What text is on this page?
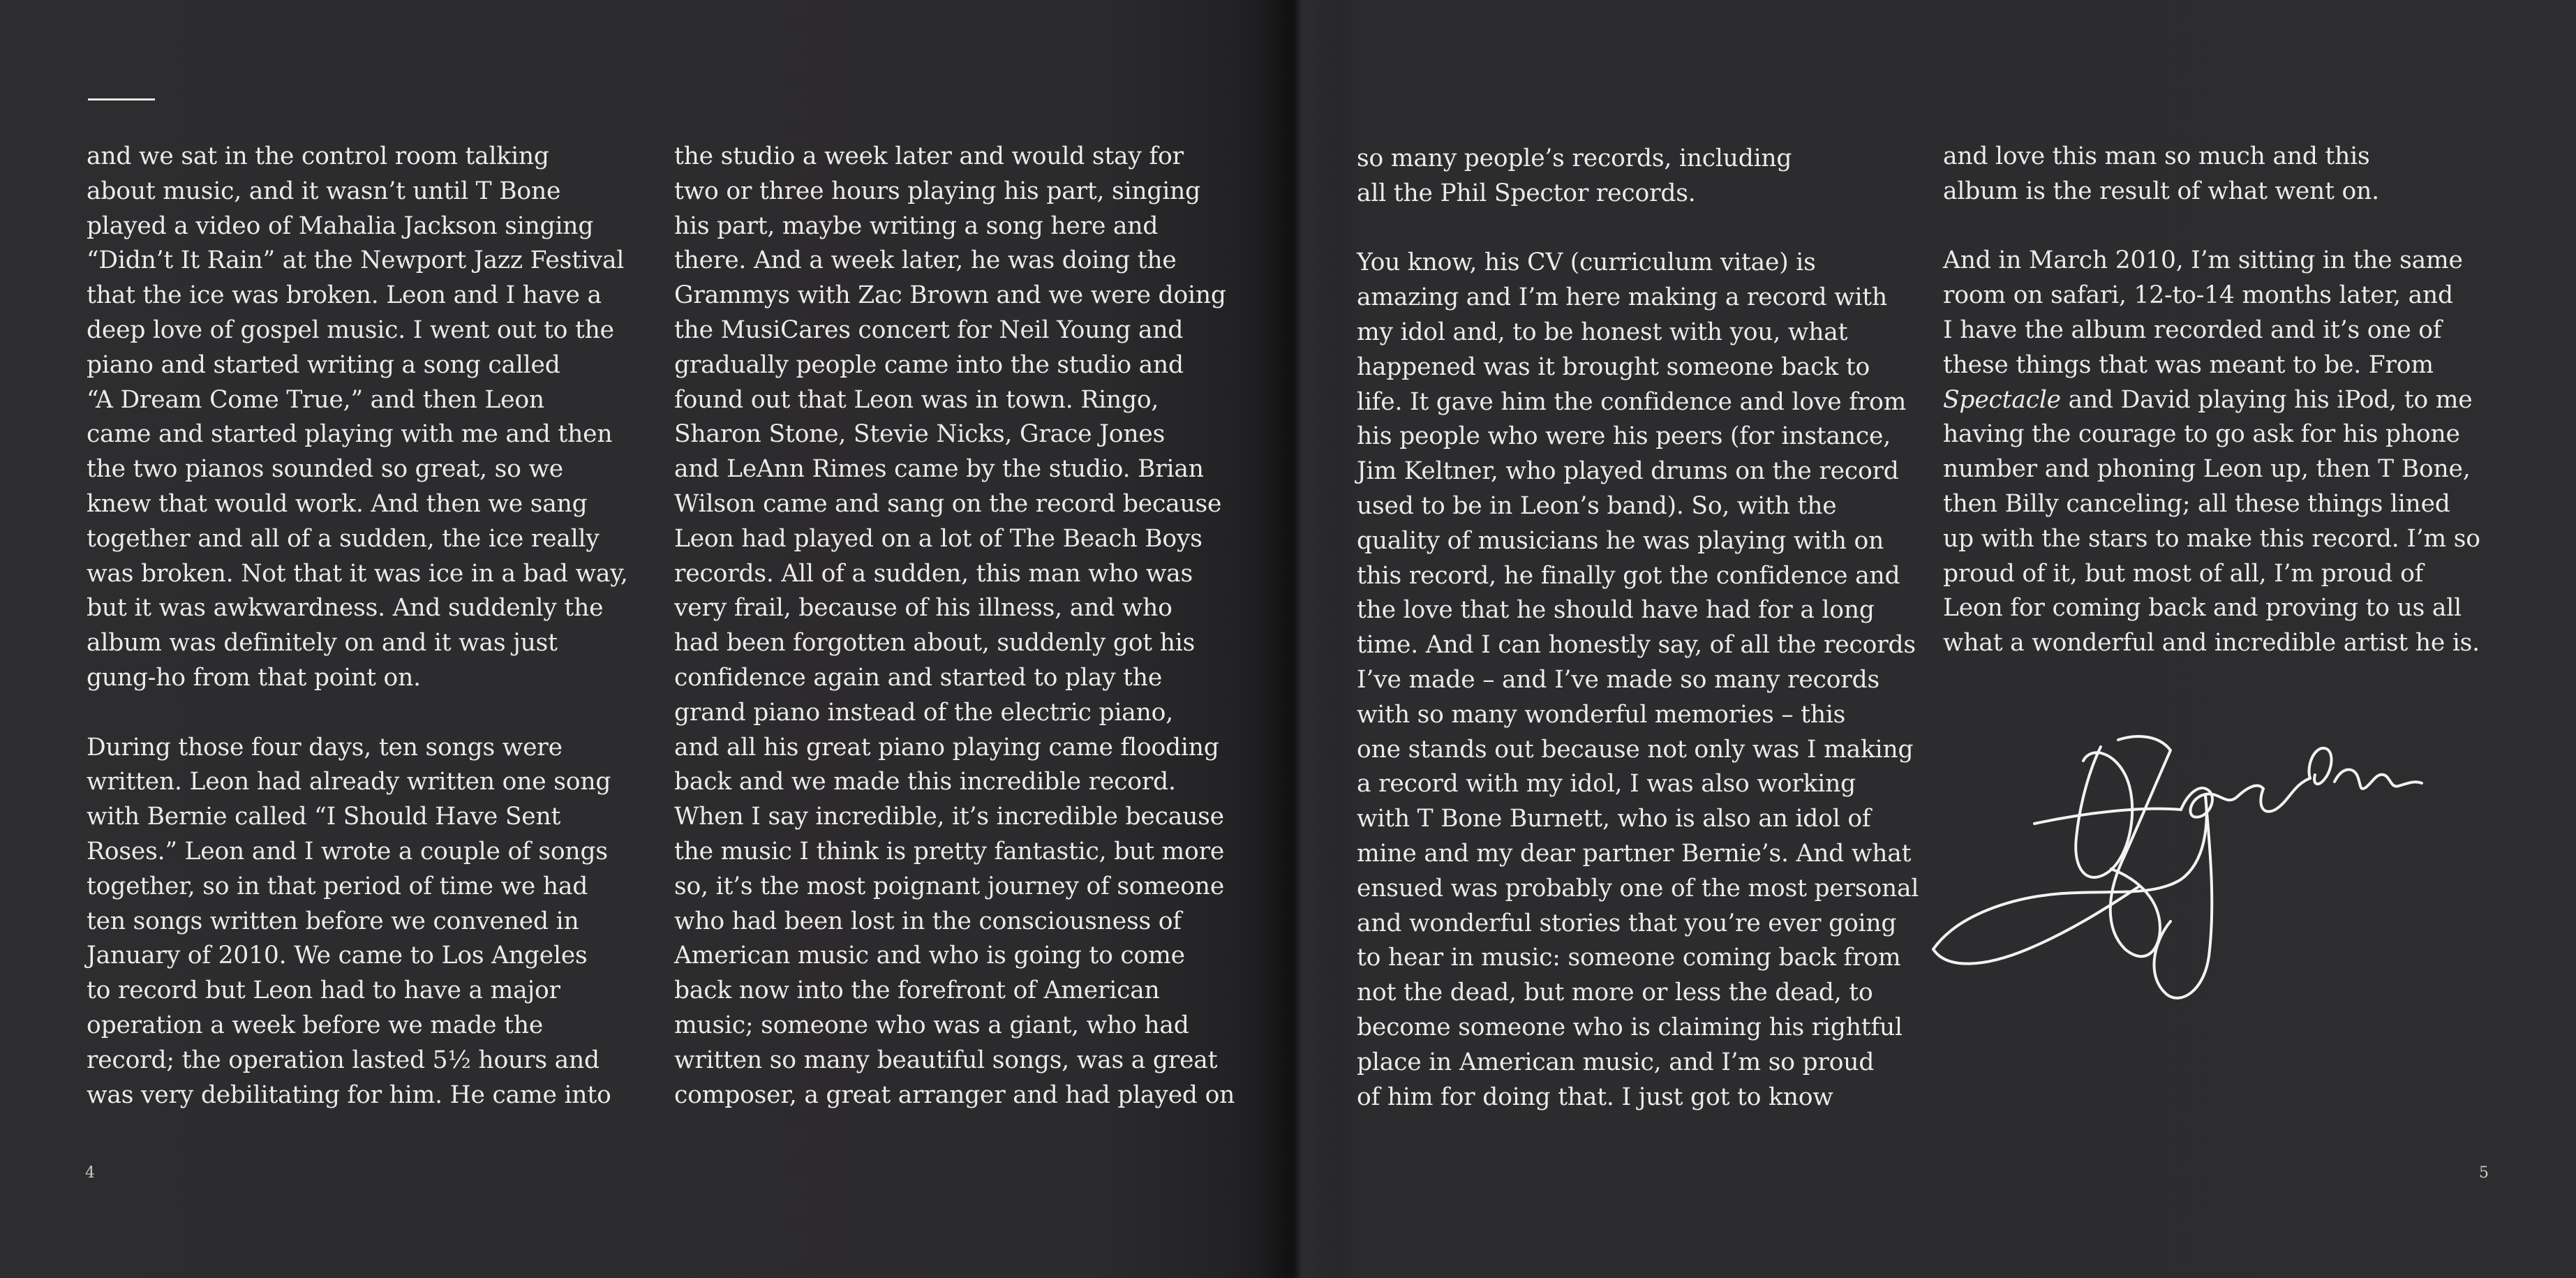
and we sat in the control room talking
about music, and it wasn’t until T Bone
played a video of Mahalia Jackson singing
“Didn’t It Rain” at the Newport Jazz Festival
that the ice was broken. Leon and I have a
deep love of gospel music. I went out to the
piano and started writing a song called
“A Dream Come True,” and then Leon
came and started playing with me and then
the two pianos sounded so great, so we
knew that would work. And then we sang
together and all of a sudden, the ice really
was broken. Not that it was ice in a bad way,
but it was awkwardness. And suddenly the
album was definitely on and it was just
gung-ho from that point on.
During those four days, ten songs were
written. Leon had already written one song
with Bernie called “I Should Have Sent
Roses.” Leon and I wrote a couple of songs
together, so in that period of time we had
ten songs written before we convened in
January of 2010. We came to Los Angeles
to record but Leon had to have a major
operation a week before we made the
record; the operation lasted 5½ hours and
was very debilitating for him. He came into
the studio a week later and would stay for
two or three hours playing his part, singing
his part, maybe writing a song here and
there. And a week later, he was doing the
Grammys with Zac Brown and we were doing
the MusiCares concert for Neil Young and
gradually people came into the studio and
found out that Leon was in town. Ringo,
Sharon Stone, Stevie Nicks, Grace Jones
and LeAnn Rimes came by the studio. Brian
Wilson came and sang on the record because
Leon had played on a lot of The Beach Boys
records. All of a sudden, this man who was
very frail, because of his illness, and who
had been forgotten about, suddenly got his
confidence again and started to play the
grand piano instead of the electric piano,
and all his great piano playing came flooding
back and we made this incredible record.
When I say incredible, it’s incredible because
the music I think is pretty fantastic, but more
so, it’s the most poignant journey of someone
who had been lost in the consciousness of
American music and who is going to come
back now into the forefront of American
music; someone who was a giant, who had
written so many beautiful songs, was a great
composer, a great arranger and had played on
4
so many people’s records, including
all the Phil Spector records.
You know, his CV (curriculum vitae) is
amazing and I’m here making a record with
my idol and, to be honest with you, what
happened was it brought someone back to
life. It gave him the confidence and love from
his people who were his peers (for instance,
Jim Keltner, who played drums on the record
used to be in Leon’s band). So, with the
quality of musicians he was playing with on
this record, he finally got the confidence and
the love that he should have had for a long
time. And I can honestly say, of all the records
I’ve made – and I’ve made so many records
with so many wonderful memories – this
one stands out because not only was I making
a record with my idol, I was also working
with T Bone Burnett, who is also an idol of
mine and my dear partner Bernie’s. And what
ensued was probably one of the most personal
and wonderful stories that you’re ever going
to hear in music: someone coming back from
not the dead, but more or less the dead, to
become someone who is claiming his rightful
place in American music, and I’m so proud
of him for doing that. I just got to know
and love this man so much and this
album is the result of what went on.
And in March 2010, I’m sitting in the same
room on safari, 12-to-14 months later, and
I have the album recorded and it’s one of
these things that was meant to be. From
Spectacle and David playing his iPod, to me
having the courage to go ask for his phone
number and phoning Leon up, then T Bone,
then Billy canceling; all these things lined
up with the stars to make this record. I’m so
proud of it, but most of all, I’m proud of
Leon for coming back and proving to us all
what a wonderful and incredible artist he is.
5
